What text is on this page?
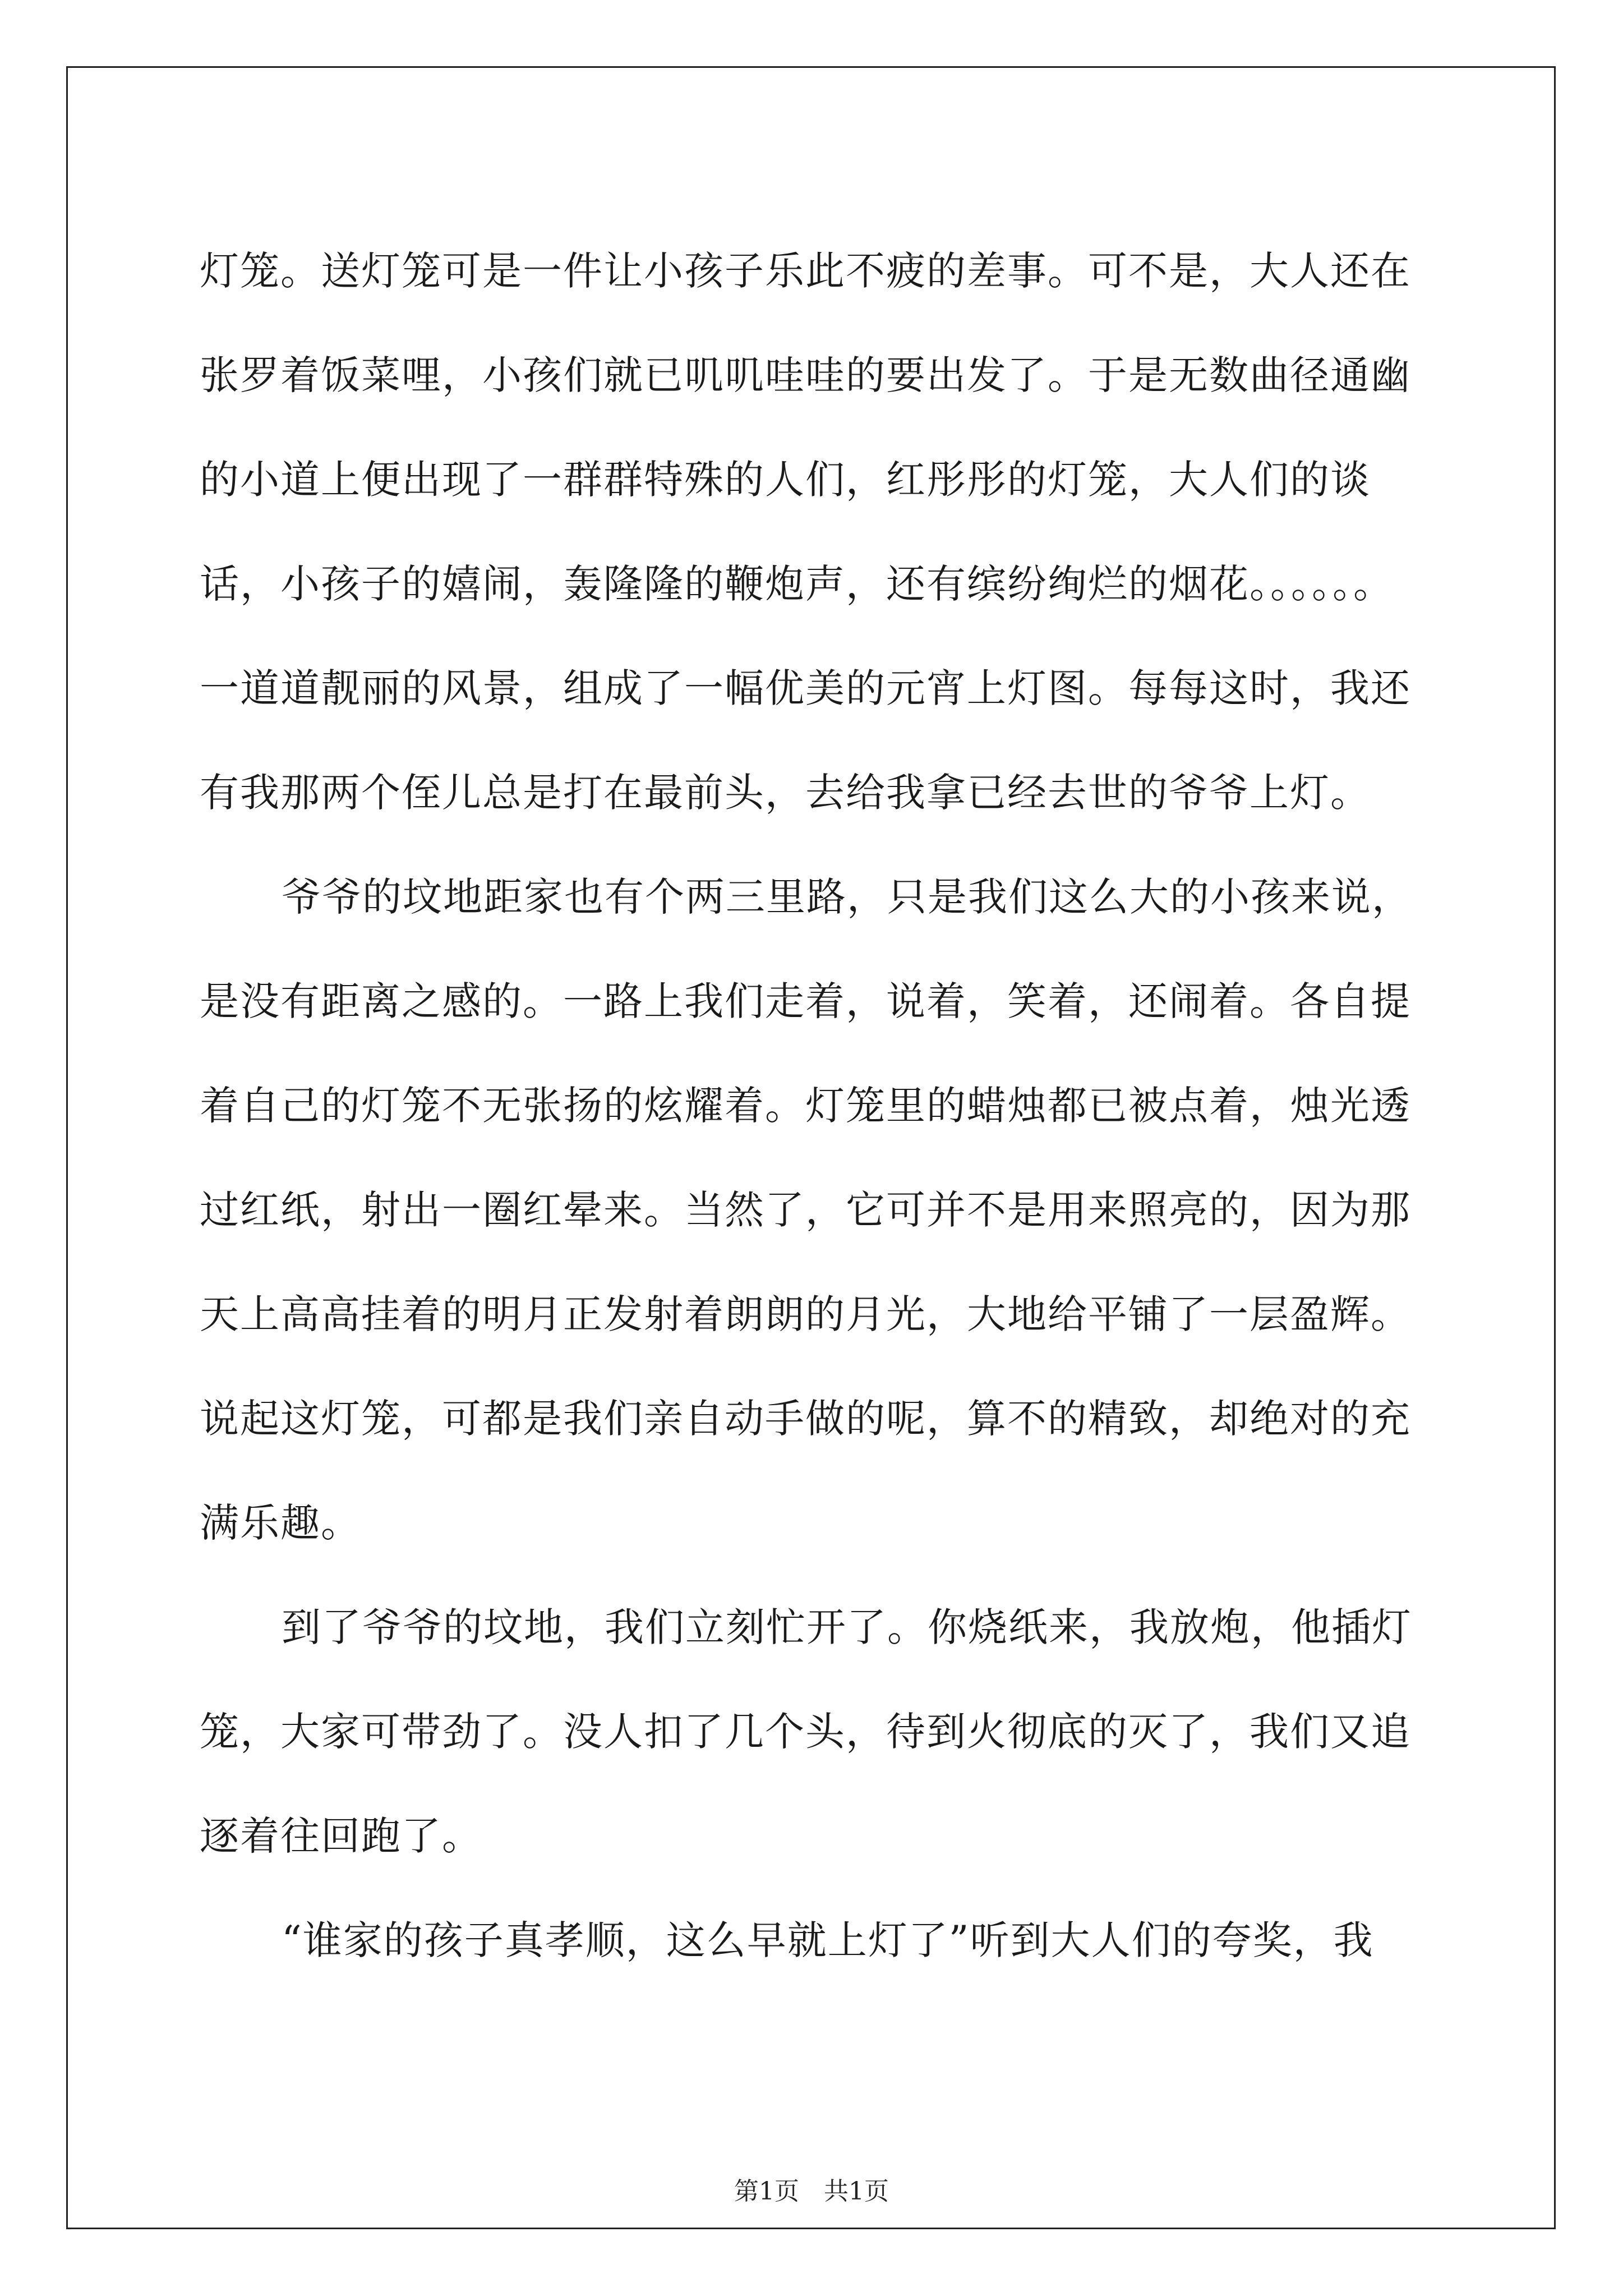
灯笼。送灯笼可是一件让小孩子乐此不疲的差事。可不是，大人还在张罗着饭菜哩，小孩们就已叽叽哇哇的要出发了。于是无数曲径通幽的小道上便出现了一群群特殊的人们，红彤彤的灯笼，大人们的谈话，小孩子的嬉闹，轰隆隆的鞭炮声，还有缤纷绚烂的烟花。。。。。。一道道靓丽的风景，组成了一幅优美的元宵上灯图。每每这时，我还有我那两个侄儿总是打在最前头，去给我拿已经去世的爷爷上灯。

爷爷的坟地距家也有个两三里路，只是我们这么大的小孩来说，是没有距离之感的。一路上我们走着，说着，笑着，还闹着。各自提着自己的灯笼不无张扬的炫耀着。灯笼里的蜡烛都已被点着，烛光透过红纸，射出一圈红晕来。当然了，它可并不是用来照亮的，因为那天上高高挂着的明月正发射着朗朗的月光，大地给平铺了一层盈辉。说起这灯笼，可都是我们亲自动手做的呢，算不的精致，却绝对的充满乐趣。

到了爷爷的坟地，我们立刻忙开了。你烧纸来，我放炮，他插灯笼，大家可带劲了。没人扣了几个头，待到火彻底的灭了，我们又追逐着往回跑了。

“谁家的孩子真孝顺，这么早就上灯了”听到大人们的夸奖，我

第1页　共1页
